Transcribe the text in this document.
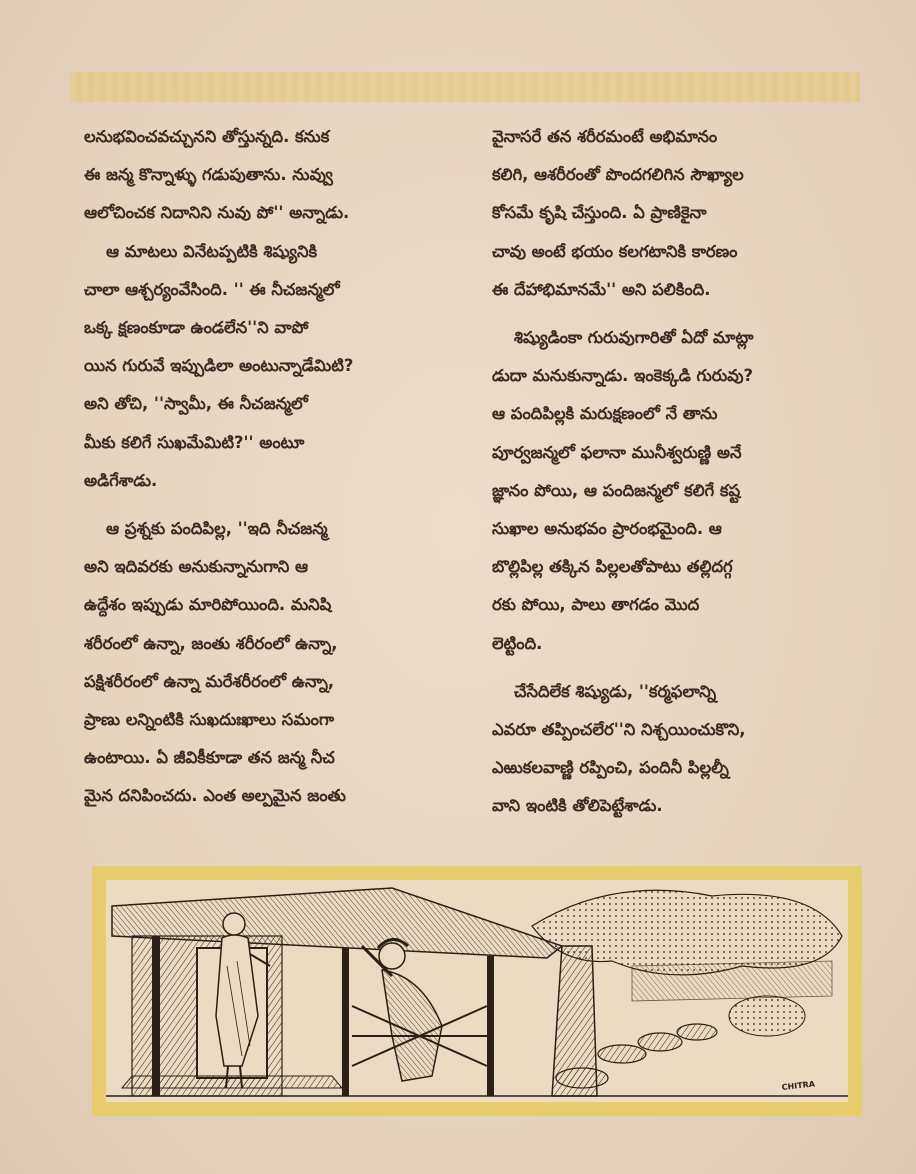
లనుభవించవచ్చునని తోస్తున్నది. కనుక

ఈ జన్మ కొన్నాళ్ళు గడుపుతాను. నువ్వు

ఆలోచించక నిదానిని నువు పో'' అన్నాడు.

ఆ మాటలు వినేటప్పటికి శిష్యునికి

చాలా ఆశ్చర్యంవేసింది. '' ఈ నీచజన్మలో

ఒక్క క్షణంకూడా ఉండలేన''ని వాపో

యిన గురువే ఇప్పుడిలా అంటున్నాడేమిటి?

అని తోచి, ''స్వామీ, ఈ నీచజన్మలో

మీకు కలిగే సుఖమేమిటి?'' అంటూ

అడిగేశాడు.

ఆ ప్రశ్నకు పందిపిల్ల, ''ఇది నీచజన్మ

అని ఇదివరకు అనుకున్నానుగాని ఆ

ఉద్దేశం ఇప్పుడు మారిపోయింది. మనిషి

శరీరంలో ఉన్నా, జంతు శరీరంలో ఉన్నా,

పక్షిశరీరంలో ఉన్నా మరేశరీరంలో ఉన్నా,

ప్రాణు లన్నింటికి సుఖదుఃఖాలు సమంగా

ఉంటాయి. ఏ జీవికీకూడా తన జన్మ నీచ

మైన దనిపించదు. ఎంత అల్పమైన జంతు

వైనాసరే తన శరీరమంటే అభిమానం

కలిగి, ఆశరీరంతో పొందగలిగిన సౌఖ్యాల

కోసమే కృషి చేస్తుంది. ఏ ప్రాణికైనా

చావు అంటే భయం కలగటానికి కారణం

ఈ దేహాభిమానమే'' అని పలికింది.

శిష్యుడింకా గురువుగారితో ఏదో మాట్లా

డుదా మనుకున్నాడు. ఇంకెక్కడి గురువు?

ఆ పందిపిల్లకి మరుక్షణంలో నే తాను

పూర్వజన్మలో ఫలానా మునీశ్వరుణ్ణి అనే

జ్ఞానం పోయి, ఆ పందిజన్మలో కలిగే కష్ట

సుఖాల అనుభవం ప్రారంభమైంది. ఆ

బొల్లిపిల్ల తక్కిన పిల్లలతోపాటు తల్లిదగ్గ

రకు పోయి, పాలు తాగడం మొద

లెట్టింది.

చేసేదిలేక శిష్యుడు, ''కర్మఫలాన్ని

ఎవరూ తప్పించలేర''ని నిశ్చయించుకొని,

ఎఱుకలవాణ్ణి రప్పించి, పందినీ పిల్లల్నీ

వాని ఇంటికి తోలిపెట్టేశాడు.

CHITRA
